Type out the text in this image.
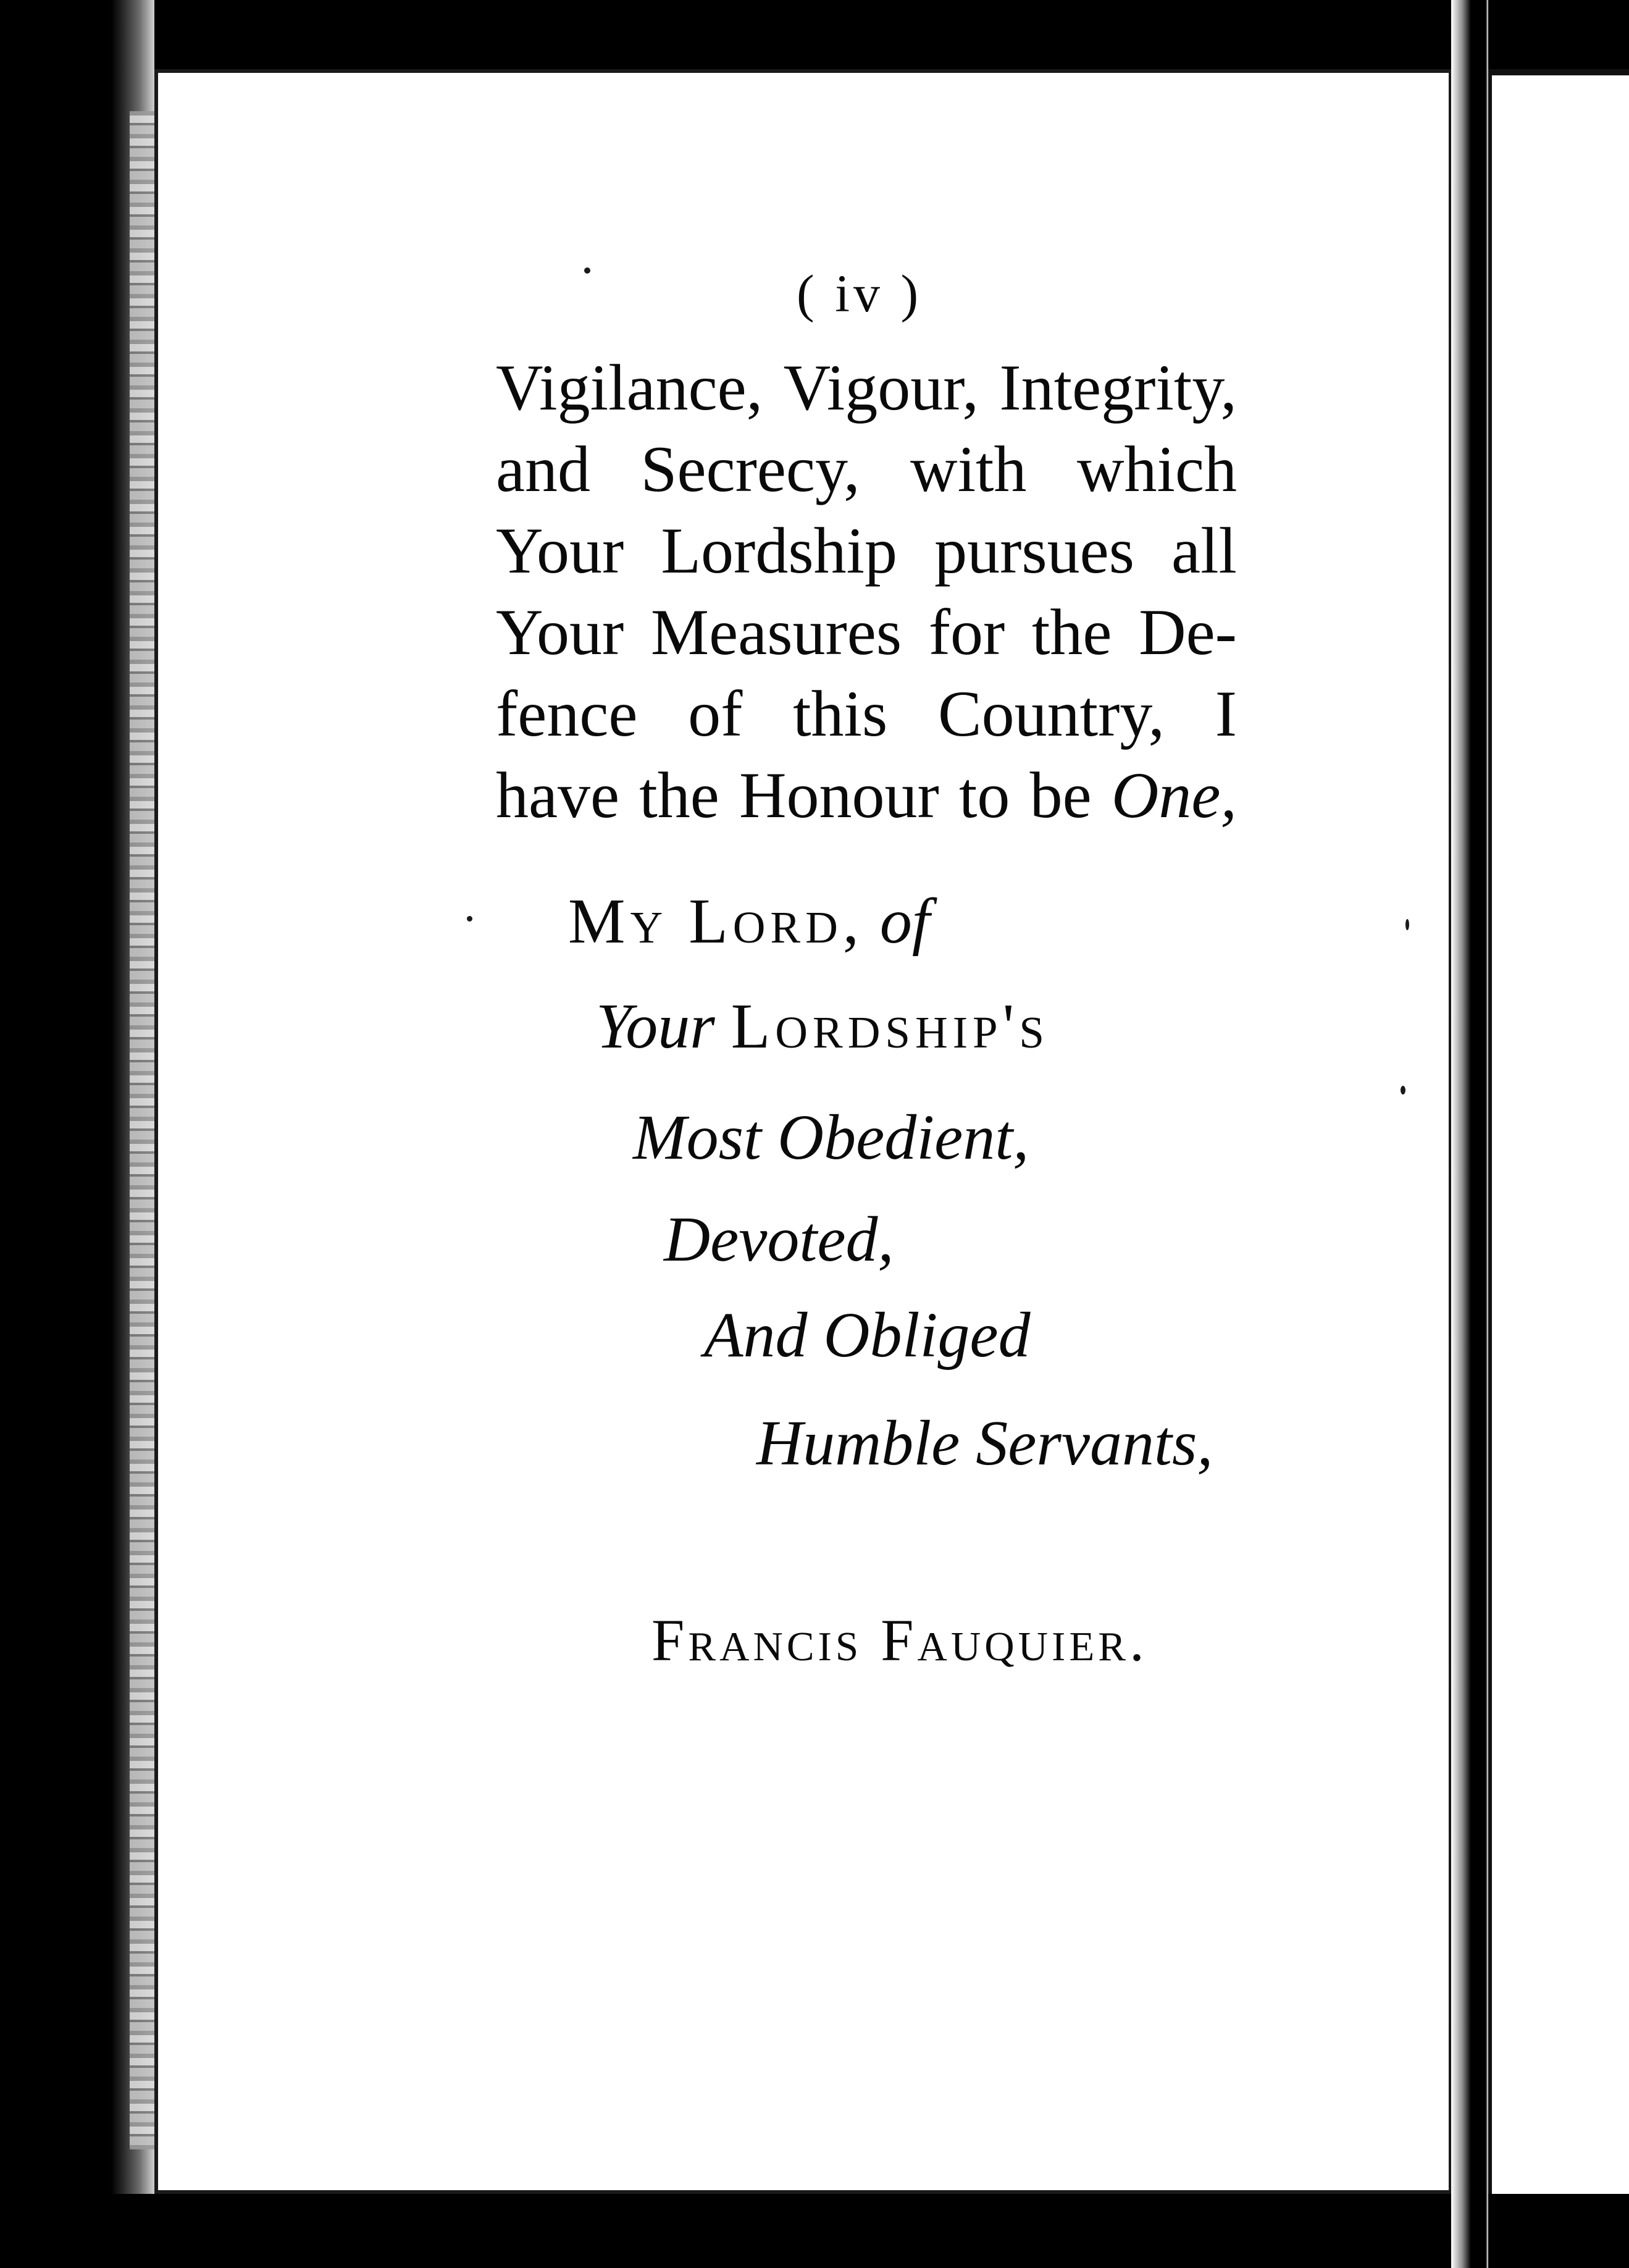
( iv )
Vigilance, Vigour, Integrity,
and Secrecy, with which
Your Lordship pursues all
Your Measures for the De-
fence of this Country, I
have the Honour to be One,
My Lord, of
Your Lordship's
Most Obedient,
Devoted,
And Obliged
Humble Servants,
Francis Fauquier.
